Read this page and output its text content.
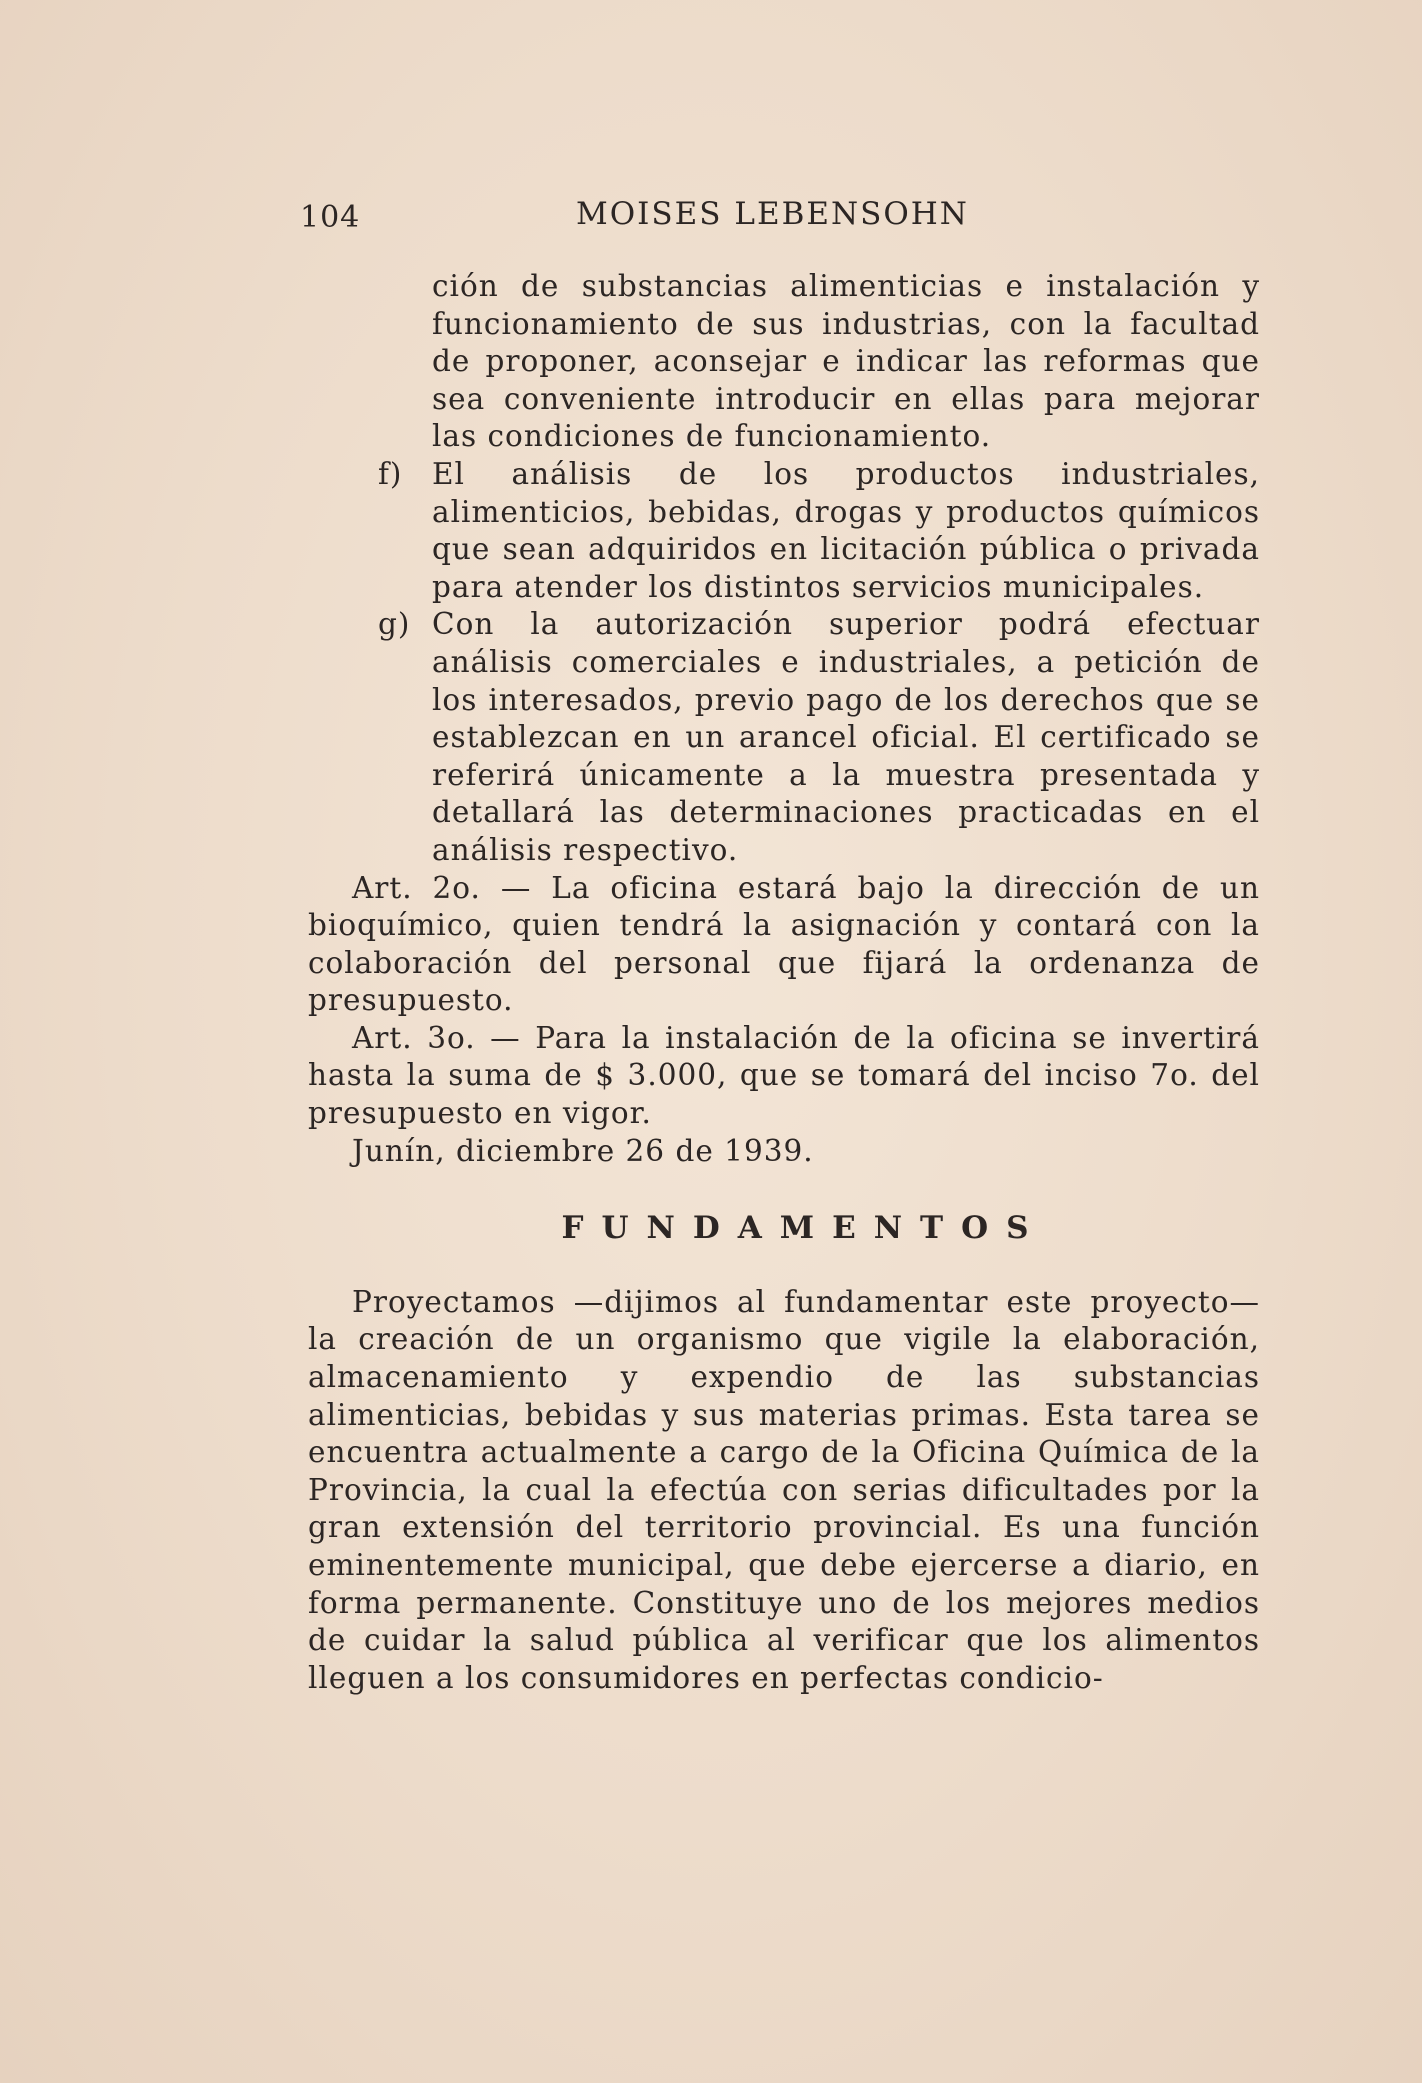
104	MOISES LEBENSOHN
ción de substancias alimenticias e instalación y funcionamiento de sus industrias, con la facultad de proponer, aconsejar e indicar las reformas que sea conveniente introducir en ellas para mejorar las condiciones de funcionamiento.
f) El análisis de los productos industriales, alimenticios, bebidas, drogas y productos químicos que sean adquiridos en licitación pública o privada para atender los distintos servicios municipales.
g) Con la autorización superior podrá efectuar análisis comerciales e industriales, a petición de los interesados, previo pago de los derechos que se establezcan en un arancel oficial. El certificado se referirá únicamente a la muestra presentada y detallará las determinaciones practicadas en el análisis respectivo.
Art. 2o. — La oficina estará bajo la dirección de un bioquímico, quien tendrá la asignación y contará con la colaboración del personal que fijará la ordenanza de presupuesto.
Art. 3o. — Para la instalación de la oficina se invertirá hasta la suma de $ 3.000, que se tomará del inciso 7o. del presupuesto en vigor.
Junín, diciembre 26 de 1939.
FUNDAMENTOS
Proyectamos —dijimos al fundamentar este proyecto— la creación de un organismo que vigile la elaboración, almacenamiento y expendio de las substancias alimenticias, bebidas y sus materias primas. Esta tarea se encuentra actualmente a cargo de la Oficina Química de la Provincia, la cual la efectúa con serias dificultades por la gran extensión del territorio provincial. Es una función eminentemente municipal, que debe ejercerse a diario, en forma permanente. Constituye uno de los mejores medios de cuidar la salud pública al verificar que los alimentos lleguen a los consumidores en perfectas condicio-
